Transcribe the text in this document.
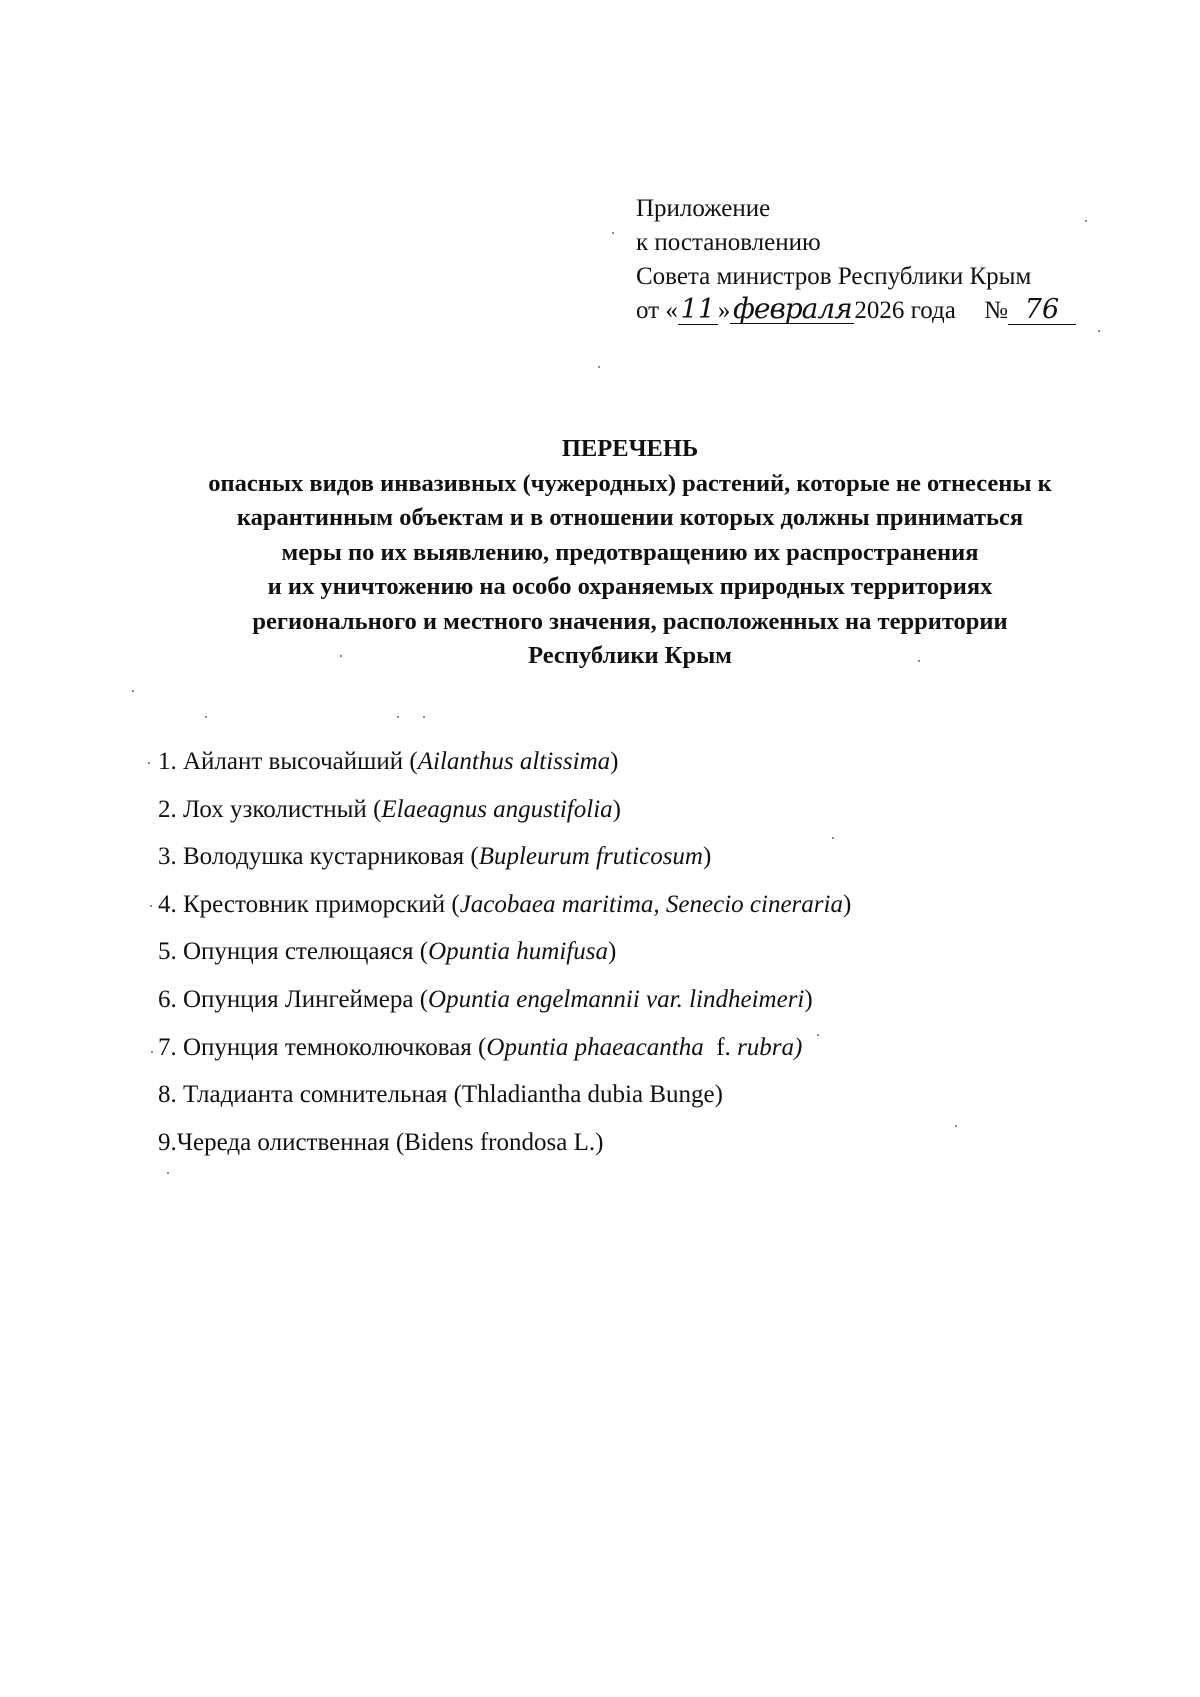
Приложение
к постановлению
Совета министров Республики Крым
от « 11 »февраля 2026 года № 76
ПЕРЕЧЕНЬ
опасных видов инвазивных (чужеродных) растений, которые не отнесены к
карантинным объектам и в отношении которых должны приниматься
меры по их выявлению, предотвращению их распространения
и их уничтожению на особо охраняемых природных территориях
регионального и местного значения, расположенных на территории
Республики Крым
1. Айлант высочайший (Ailanthus altissima)
2. Лох узколистный (Elaeagnus angustifolia)
3. Володушка кустарниковая (Bupleurum fruticosum)
4. Крестовник приморский (Jacobaea maritima, Senecio cineraria)
5. Опунция стелющаяся (Opuntia humifusa)
6. Опунция Лингеймера (Opuntia engelmannii var. lindheimeri)
7. Опунция темноколючковая (Opuntia phaeacantha  f. rubra)
8. Тладианта сомнительная (Thladiantha dubia Bunge)
9.Череда олиственная (Bidens frondosa L.)
